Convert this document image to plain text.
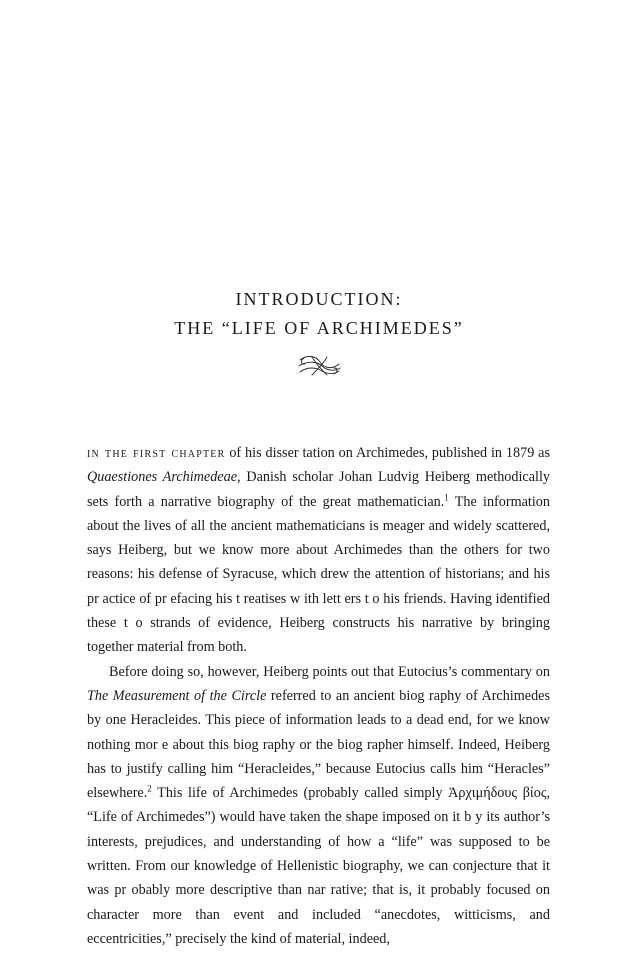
INTRODUCTION:
THE “LIFE OF ARCHIMEDES”

in the first chapter of his disser tation on Archimedes, published in 1879 as Quaestiones Archimedeae, Danish scholar Johan Ludvig Heiberg methodically sets forth a narrative biography of the great mathematician.$^1$ The information about the lives of all the ancient mathematicians is meager and widely scattered, says Heiberg, but we know more about Archimedes than the others for two reasons: his defense of Syracuse, which drew the attention of historians; and his pr actice of pr efacing his t reatises w ith lett ers t o his friends. Having identified these t o strands of evidence, Heiberg constructs his narrative by bringing together material from both.

Before doing so, however, Heiberg points out that Eutocius’s commentary on The Measurement of the Circle referred to an ancient biog raphy of Archimedes by one Heracleides. This piece of information leads to a dead end, for we know nothing mor e about this biog raphy or the biog rapher himself. Indeed, Heiberg has to justify calling him “Heracleides,” because Eutocius calls him “Heracles” elsewhere.$^2$ This life of Archimedes (probably called simply Ἀρχιμήδους βίος, “Life of Archimedes”) would have taken the shape imposed on it b y its author’s interests, prejudices, and understanding of how a “life” was supposed to be written. From our knowledge of Hellenistic biography, we can conjecture that it was pr obably more descriptive than nar rative; that is, it probably focused on character more than event and included “anecdotes, witticisms, and eccentricities,” precisely the kind of material, indeed,
